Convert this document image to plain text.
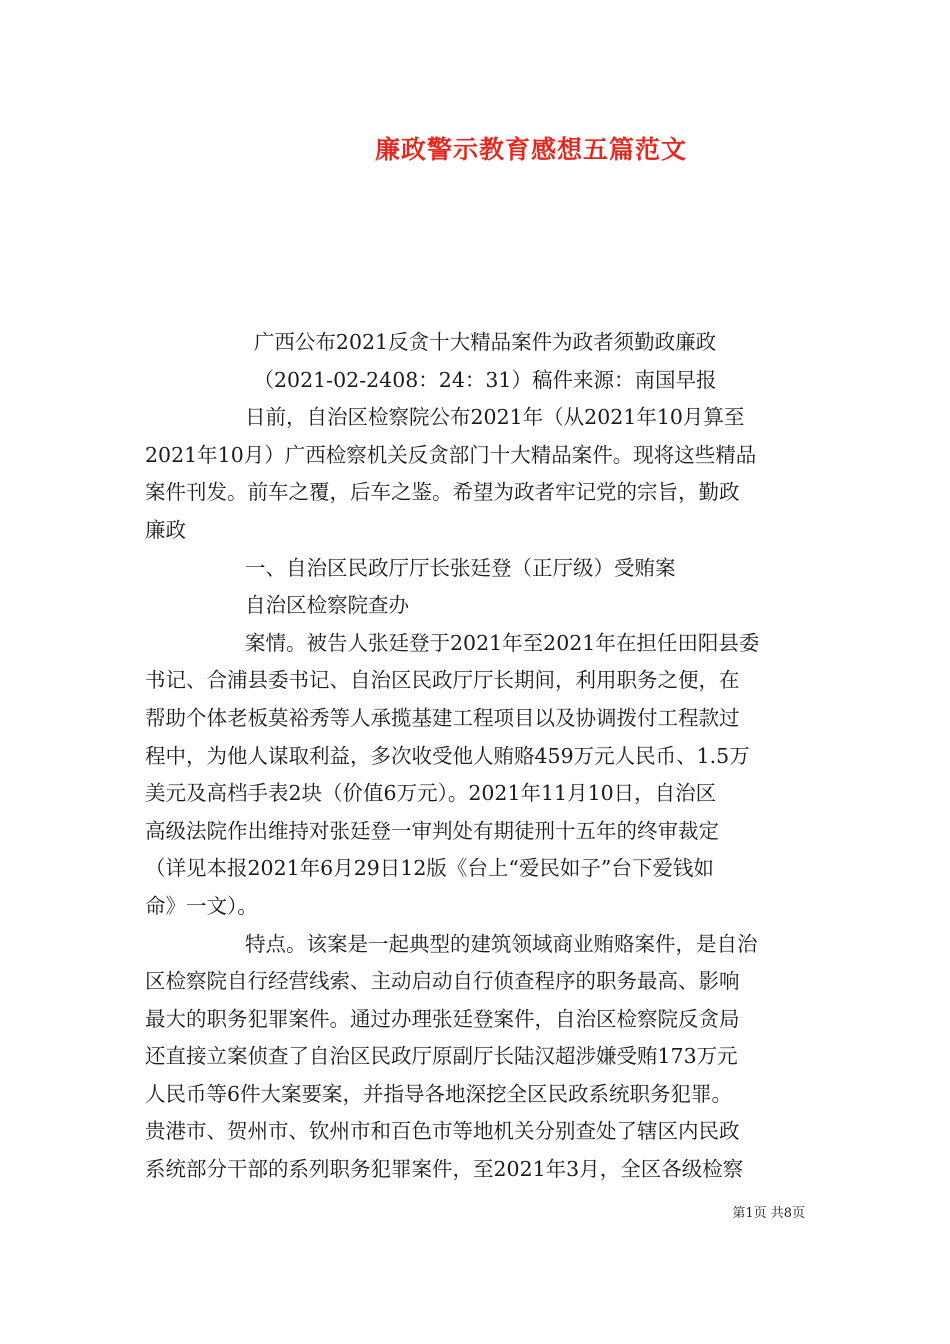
廉政警示教育感想五篇范文
广西公布2021反贪十大精品案件为政者须勤政廉政
（2021-02-2408：24：31）稿件来源：南国早报
日前，自治区检察院公布2021年（从2021年10月算至
2021年10月）广西检察机关反贪部门十大精品案件。现将这些精品
案件刊发。前车之覆，后车之鉴。希望为政者牢记党的宗旨，勤政
廉政
一、自治区民政厅厅长张廷登（正厅级）受贿案
自治区检察院查办
案情。被告人张廷登于2021年至2021年在担任田阳县委
书记、合浦县委书记、自治区民政厅厅长期间，利用职务之便，在
帮助个体老板莫裕秀等人承揽基建工程项目以及协调拨付工程款过
程中，为他人谋取利益，多次收受他人贿赂459万元人民币、1.5万
美元及高档手表2块（价值6万元）。2021年11月10日，自治区
高级法院作出维持对张廷登一审判处有期徒刑十五年的终审裁定
（详见本报2021年6月29日12版《台上“爱民如子”台下爱钱如
命》一文）。
特点。该案是一起典型的建筑领域商业贿赂案件，是自治
区检察院自行经营线索、主动启动自行侦查程序的职务最高、影响
最大的职务犯罪案件。通过办理张廷登案件，自治区检察院反贪局
还直接立案侦查了自治区民政厅原副厅长陆汉超涉嫌受贿173万元
人民币等6件大案要案，并指导各地深挖全区民政系统职务犯罪。
贵港市、贺州市、钦州市和百色市等地机关分别查处了辖区内民政
系统部分干部的系列职务犯罪案件，至2021年3月，全区各级检察
第1页 共8页
